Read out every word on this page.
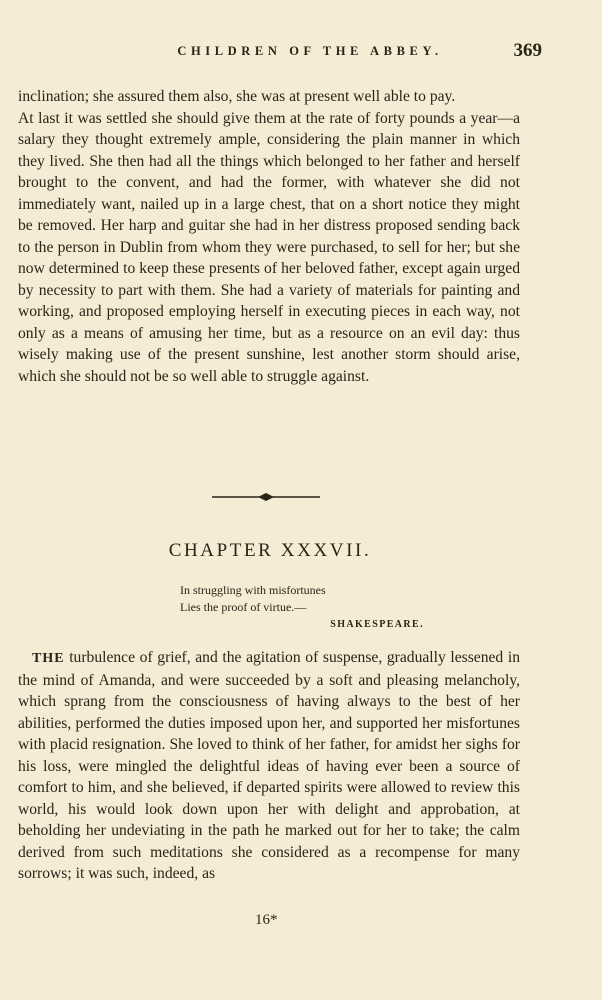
CHILDREN OF THE ABBEY.	369

inclination; she assured them also, she was at present well able to pay.

At last it was settled she should give them at the rate of forty pounds a year—a salary they thought extremely ample, considering the plain manner in which they lived. She then had all the things which belonged to her father and herself brought to the convent, and had the former, with whatever she did not immediately want, nailed up in a large chest, that on a short notice they might be removed. Her harp and guitar she had in her distress proposed sending back to the person in Dublin from whom they were purchased, to sell for her; but she now determined to keep these presents of her beloved father, except again urged by necessity to part with them. She had a variety of materials for painting and working, and proposed employing herself in executing pieces in each way, not only as a means of amusing her time, but as a resource on an evil day: thus wisely making use of the present sunshine, lest another storm should arise, which she should not be so well able to struggle against.

CHAPTER XXXVII.
In struggling with misfortunes
Lies the proof of virtue.—
SHAKESPEARE.

THE turbulence of grief, and the agitation of suspense, gradually lessened in the mind of Amanda, and were succeeded by a soft and pleasing melancholy, which sprang from the consciousness of having always to the best of her abilities, performed the duties imposed upon her, and supported her misfortunes with placid resignation. She loved to think of her father, for amidst her sighs for his loss, were mingled the delightful ideas of having ever been a source of comfort to him, and she believed, if departed spirits were allowed to review this world, his would look down upon her with delight and approbation, at beholding her undeviating in the path he marked out for her to take; the calm derived from such meditations she considered as a recompense for many sorrows; it was such, indeed, as

16*
